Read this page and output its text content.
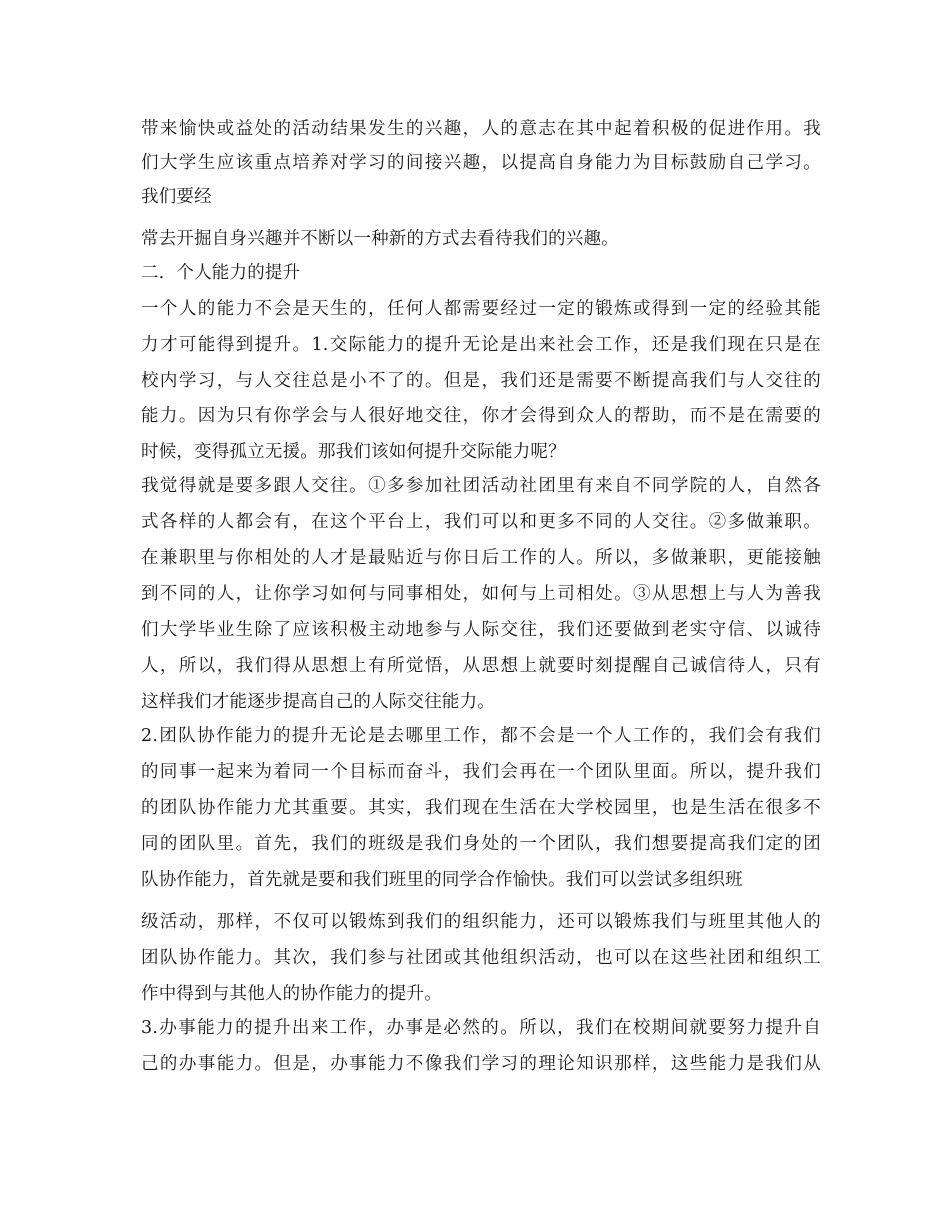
带来愉快或益处的活动结果发生的兴趣，人的意志在其中起着积极的促进作用。我
们大学生应该重点培养对学习的间接兴趣，以提高自身能力为目标鼓励自己学习。
我们要经
常去开掘自身兴趣并不断以一种新的方式去看待我们的兴趣。
二．个人能力的提升
一个人的能力不会是天生的，任何人都需要经过一定的锻炼或得到一定的经验其能
力才可能得到提升。1.交际能力的提升无论是出来社会工作，还是我们现在只是在
校内学习，与人交往总是小不了的。但是，我们还是需要不断提高我们与人交往的
能力。因为只有你学会与人很好地交往，你才会得到众人的帮助，而不是在需要的
时候，变得孤立无援。那我们该如何提升交际能力呢？
我觉得就是要多跟人交往。①多参加社团活动社团里有来自不同学院的人，自然各
式各样的人都会有，在这个平台上，我们可以和更多不同的人交往。②多做兼职。
在兼职里与你相处的人才是最贴近与你日后工作的人。所以，多做兼职，更能接触
到不同的人，让你学习如何与同事相处，如何与上司相处。③从思想上与人为善我
们大学毕业生除了应该积极主动地参与人际交往，我们还要做到老实守信、以诚待
人，所以，我们得从思想上有所觉悟，从思想上就要时刻提醒自己诚信待人，只有
这样我们才能逐步提高自己的人际交往能力。
2.团队协作能力的提升无论是去哪里工作，都不会是一个人工作的，我们会有我们
的同事一起来为着同一个目标而奋斗，我们会再在一个团队里面。所以，提升我们
的团队协作能力尤其重要。其实，我们现在生活在大学校园里，也是生活在很多不
同的团队里。首先，我们的班级是我们身处的一个团队，我们想要提高我们定的团
队协作能力，首先就是要和我们班里的同学合作愉快。我们可以尝试多组织班
级活动，那样，不仅可以锻炼到我们的组织能力，还可以锻炼我们与班里其他人的
团队协作能力。其次，我们参与社团或其他组织活动，也可以在这些社团和组织工
作中得到与其他人的协作能力的提升。
3.办事能力的提升出来工作，办事是必然的。所以，我们在校期间就要努力提升自
己的办事能力。但是，办事能力不像我们学习的理论知识那样，这些能力是我们从
